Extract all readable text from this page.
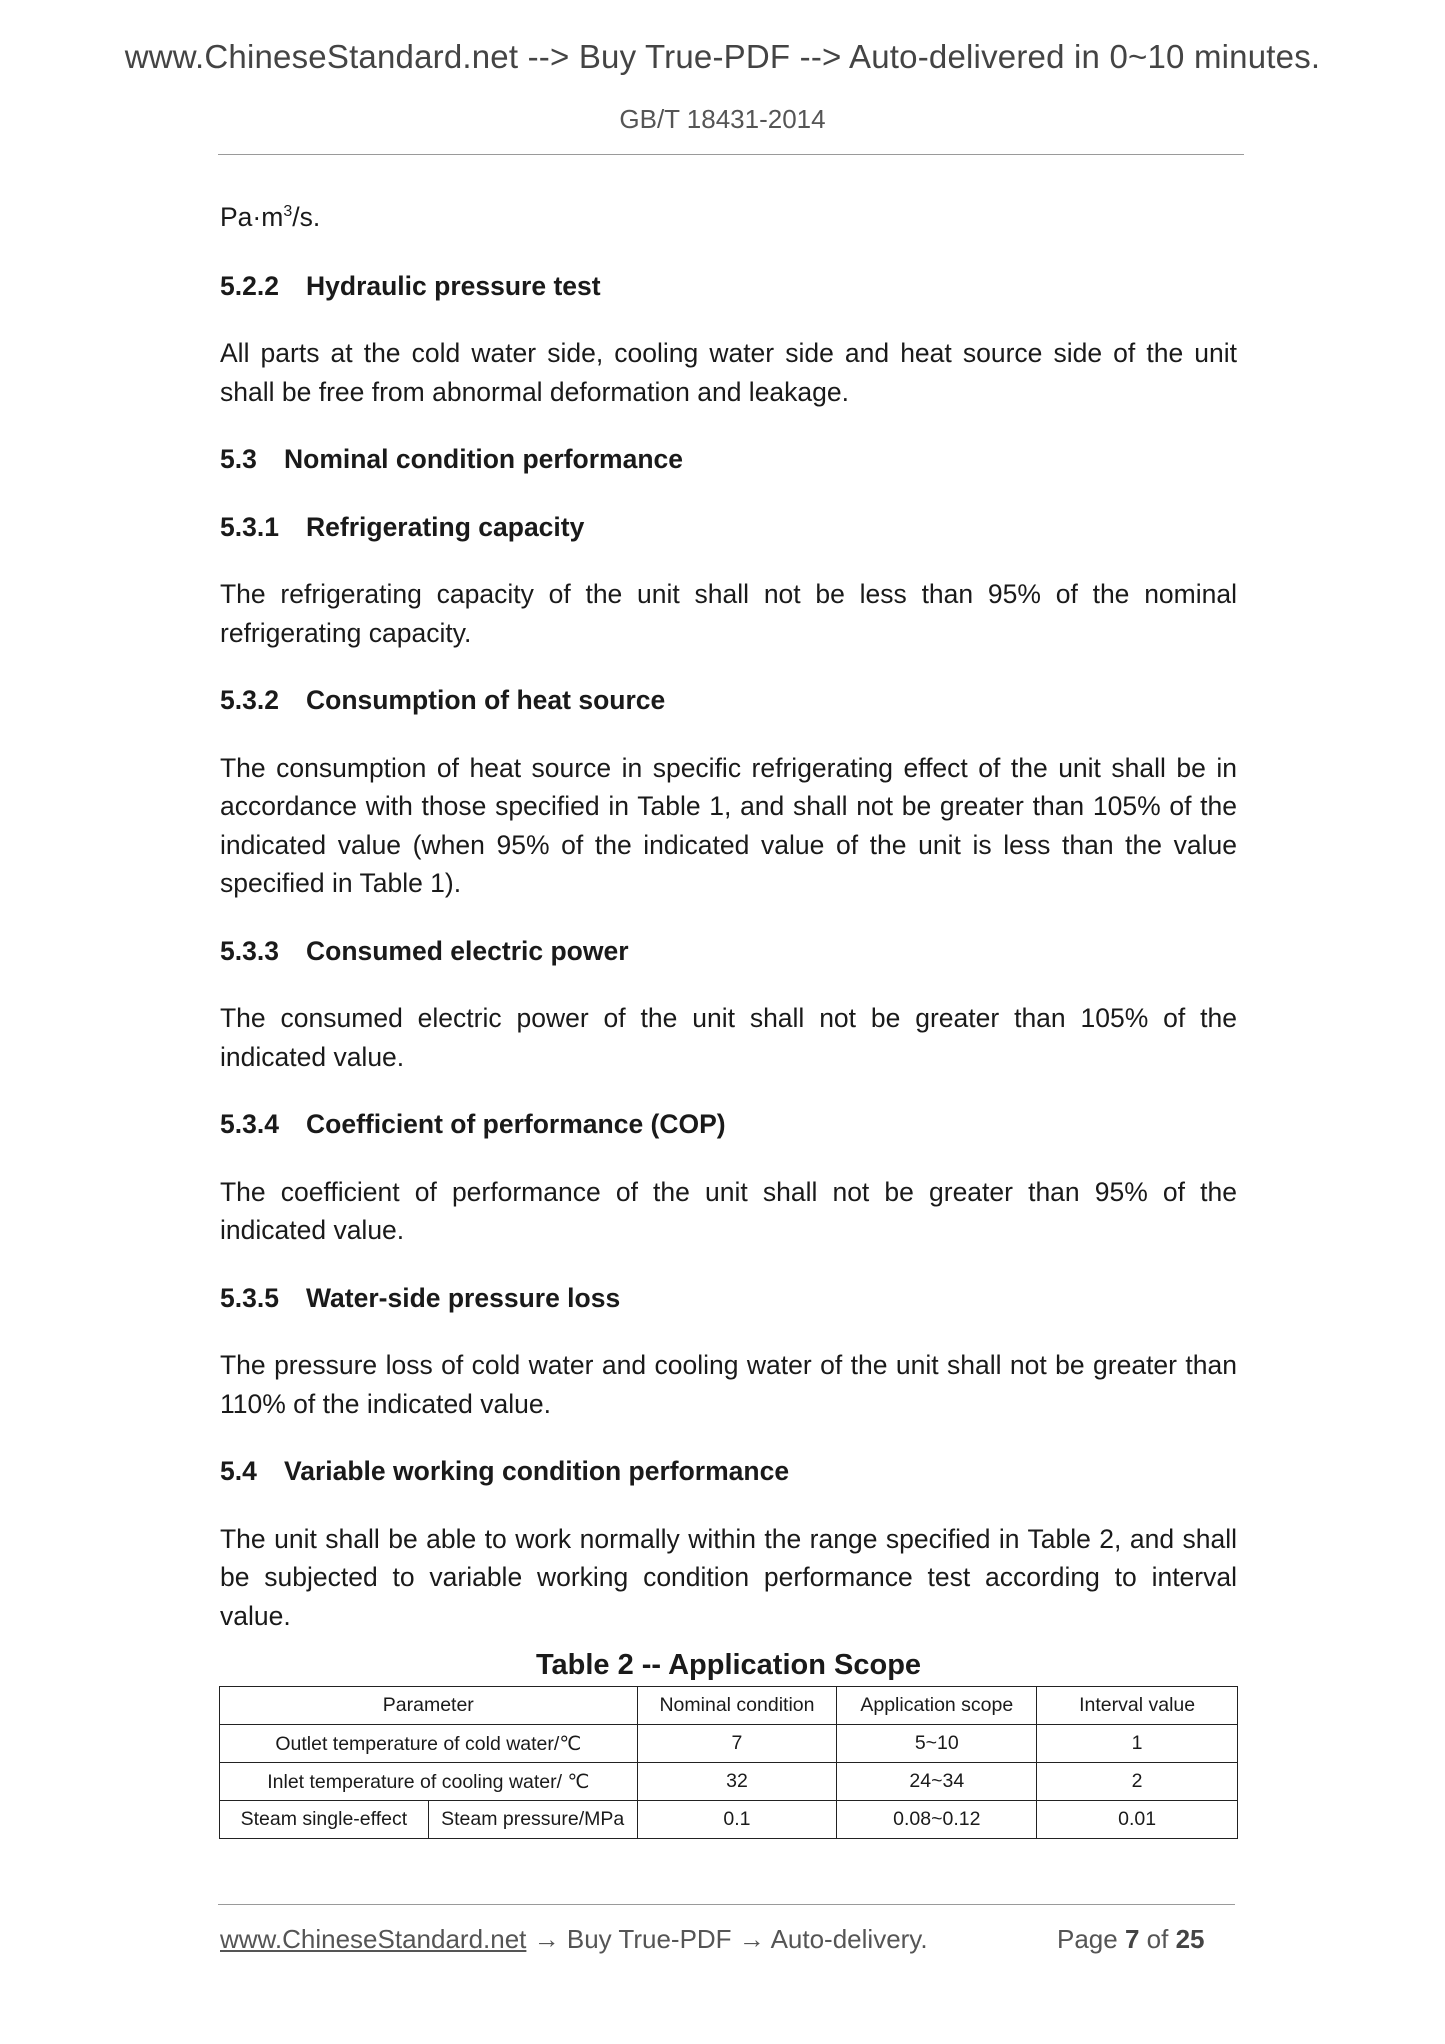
www.ChineseStandard.net --> Buy True-PDF --> Auto-delivered in 0~10 minutes.
GB/T 18431-2014

$Pa\cdot m^3/s$.

5.2.2	Hydraulic pressure test

All parts at the cold water side, cooling water side and heat source side of the unit shall be free from abnormal deformation and leakage.

5.3	Nominal condition performance
5.3.1	Refrigerating capacity

The refrigerating capacity of the unit shall not be less than 95% of the nominal refrigerating capacity.

5.3.2	Consumption of heat source

The consumption of heat source in specific refrigerating effect of the unit shall be in accordance with those specified in Table 1, and shall not be greater than 105% of the indicated value (when 95% of the indicated value of the unit is less than the value specified in Table 1).

5.3.3	Consumed electric power

The consumed electric power of the unit shall not be greater than 105% of the indicated value.

5.3.4	Coefficient of performance (COP)

The coefficient of performance of the unit shall not be greater than 95% of the indicated value.

5.3.5	Water-side pressure loss

The pressure loss of cold water and cooling water of the unit shall not be greater than 110% of the indicated value.

5.4	Variable working condition performance

The unit shall be able to work normally within the range specified in Table 2, and shall be subjected to variable working condition performance test according to interval value.

Table 2 -- Application Scope
Parameter		Nominal condition	Application scope	Interval value
Outlet temperature of cold water/℃		7	5~10	1
Inlet temperature of cooling water/ ℃		32	24~34	2
Steam single-effect	Steam pressure/MPa	0.1	0.08~0.12	0.01
www.ChineseStandard.net → Buy True-PDF → Auto-delivery.	Page 7 of 25
